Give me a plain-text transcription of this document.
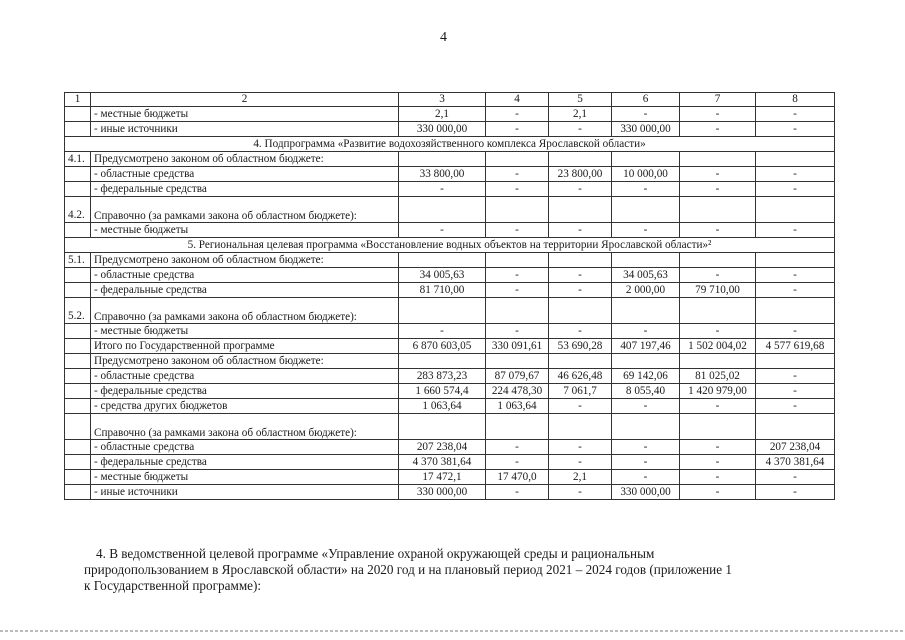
4
1	2	3	4	5	6	7	8
	- местные бюджеты	2,1	-	2,1	-	-	-
	- иные источники	330 000,00	-	-	330 000,00	-	-
4. Подпрограмма «Развитие водохозяйственного комплекса Ярославской области»							
4.1.	Предусмотрено законом об областном бюджете:						
	- областные средства	33 800,00	-	23 800,00	10 000,00	-	-
	- федеральные средства	-	-	-	-	-	-
4.2.	Справочно (за рамками закона об областном бюджете):						
	- местные бюджеты	-	-	-	-	-	-
5. Региональная целевая программа «Восстановление водных объектов на территории Ярославской области»²							
5.1.	Предусмотрено законом об областном бюджете:						
	- областные средства	34 005,63	-	-	34 005,63	-	-
	- федеральные средства	81 710,00	-	-	2 000,00	79 710,00	-
5.2.	Справочно (за рамками закона об областном бюджете):						
	- местные бюджеты	-	-	-	-	-	-
	Итого по Государственной программе	6 870 603,05	330 091,61	53 690,28	407 197,46	1 502 004,02	4 577 619,68
	Предусмотрено законом об областном бюджете:						
	- областные средства	283 873,23	87 079,67	46 626,48	69 142,06	81 025,02	-
	- федеральные средства	1 660 574,4	224 478,30	7 061,7	8 055,40	1 420 979,00	-
	- средства других бюджетов	1 063,64	1 063,64	-	-	-	-
	Справочно (за рамками закона об областном бюджете):						
	- областные средства	207 238,04	-	-	-	-	207 238,04
	- федеральные средства	4 370 381,64	-	-	-	-	4 370 381,64
	- местные бюджеты	17 472,1	17 470,0	2,1	-	-	-
	- иные источники	330 000,00	-	-	330 000,00	-	-
4. В ведомственной целевой программе «Управление охраной окружающей среды и рациональным
природопользованием в Ярославской области» на 2020 год и на плановый период 2021 – 2024 годов (приложение 1
к Государственной программе):
